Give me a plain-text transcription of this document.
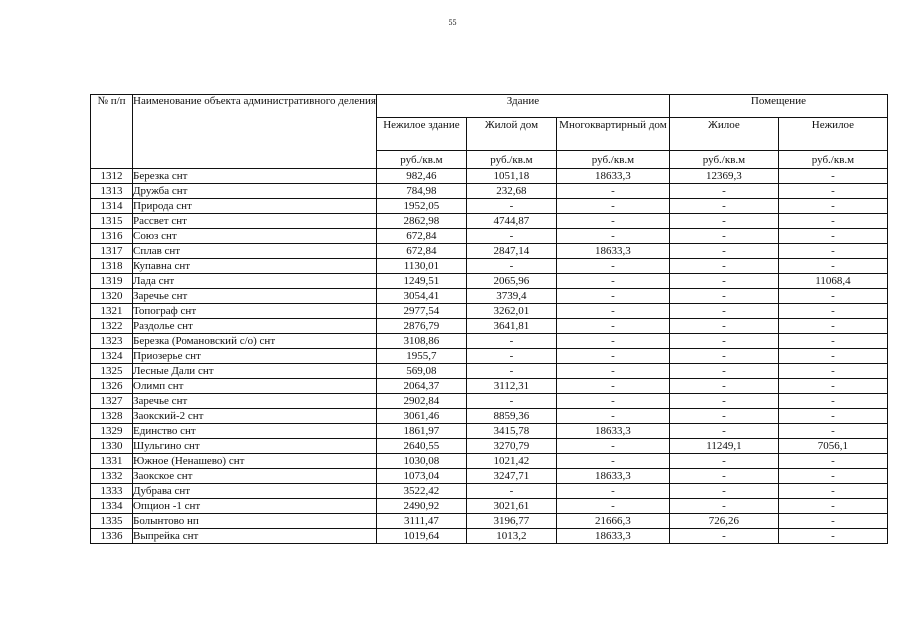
55
№ п/п	Наименование объекта административного деления	Здание			Помещение	
		Нежилое здание	Жилой дом	Многоквартирный дом	Жилое	Нежилое
		руб./кв.м	руб./кв.м	руб./кв.м	руб./кв.м	руб./кв.м
1312	Березка снт	982,46	1051,18	18633,3	12369,3	-
1313	Дружба снт	784,98	232,68	-	-	-
1314	Природа снт	1952,05	-	-	-	-
1315	Рассвет снт	2862,98	4744,87	-	-	-
1316	Союз снт	672,84	-	-	-	-
1317	Сплав снт	672,84	2847,14	18633,3	-	-
1318	Купавна снт	1130,01	-	-	-	-
1319	Лада снт	1249,51	2065,96	-	-	11068,4
1320	Заречье снт	3054,41	3739,4	-	-	-
1321	Топограф снт	2977,54	3262,01	-	-	-
1322	Раздолье снт	2876,79	3641,81	-	-	-
1323	Березка (Романовский с/о) снт	3108,86	-	-	-	-
1324	Приозерье снт	1955,7	-	-	-	-
1325	Лесные Дали снт	569,08	-	-	-	-
1326	Олимп снт	2064,37	3112,31	-	-	-
1327	Заречье снт	2902,84	-	-	-	-
1328	Заокский-2 снт	3061,46	8859,36	-	-	-
1329	Единство снт	1861,97	3415,78	18633,3	-	-
1330	Шульгино снт	2640,55	3270,79	-	11249,1	7056,1
1331	Южное (Ненашево) снт	1030,08	1021,42	-	-	-
1332	Заокское снт	1073,04	3247,71	18633,3	-	-
1333	Дубрава снт	3522,42	-	-	-	-
1334	Опцион -1 снт	2490,92	3021,61	-	-	-
1335	Болынтово нп	3111,47	3196,77	21666,3	726,26	-
1336	Выпрейка снт	1019,64	1013,2	18633,3	-	-
